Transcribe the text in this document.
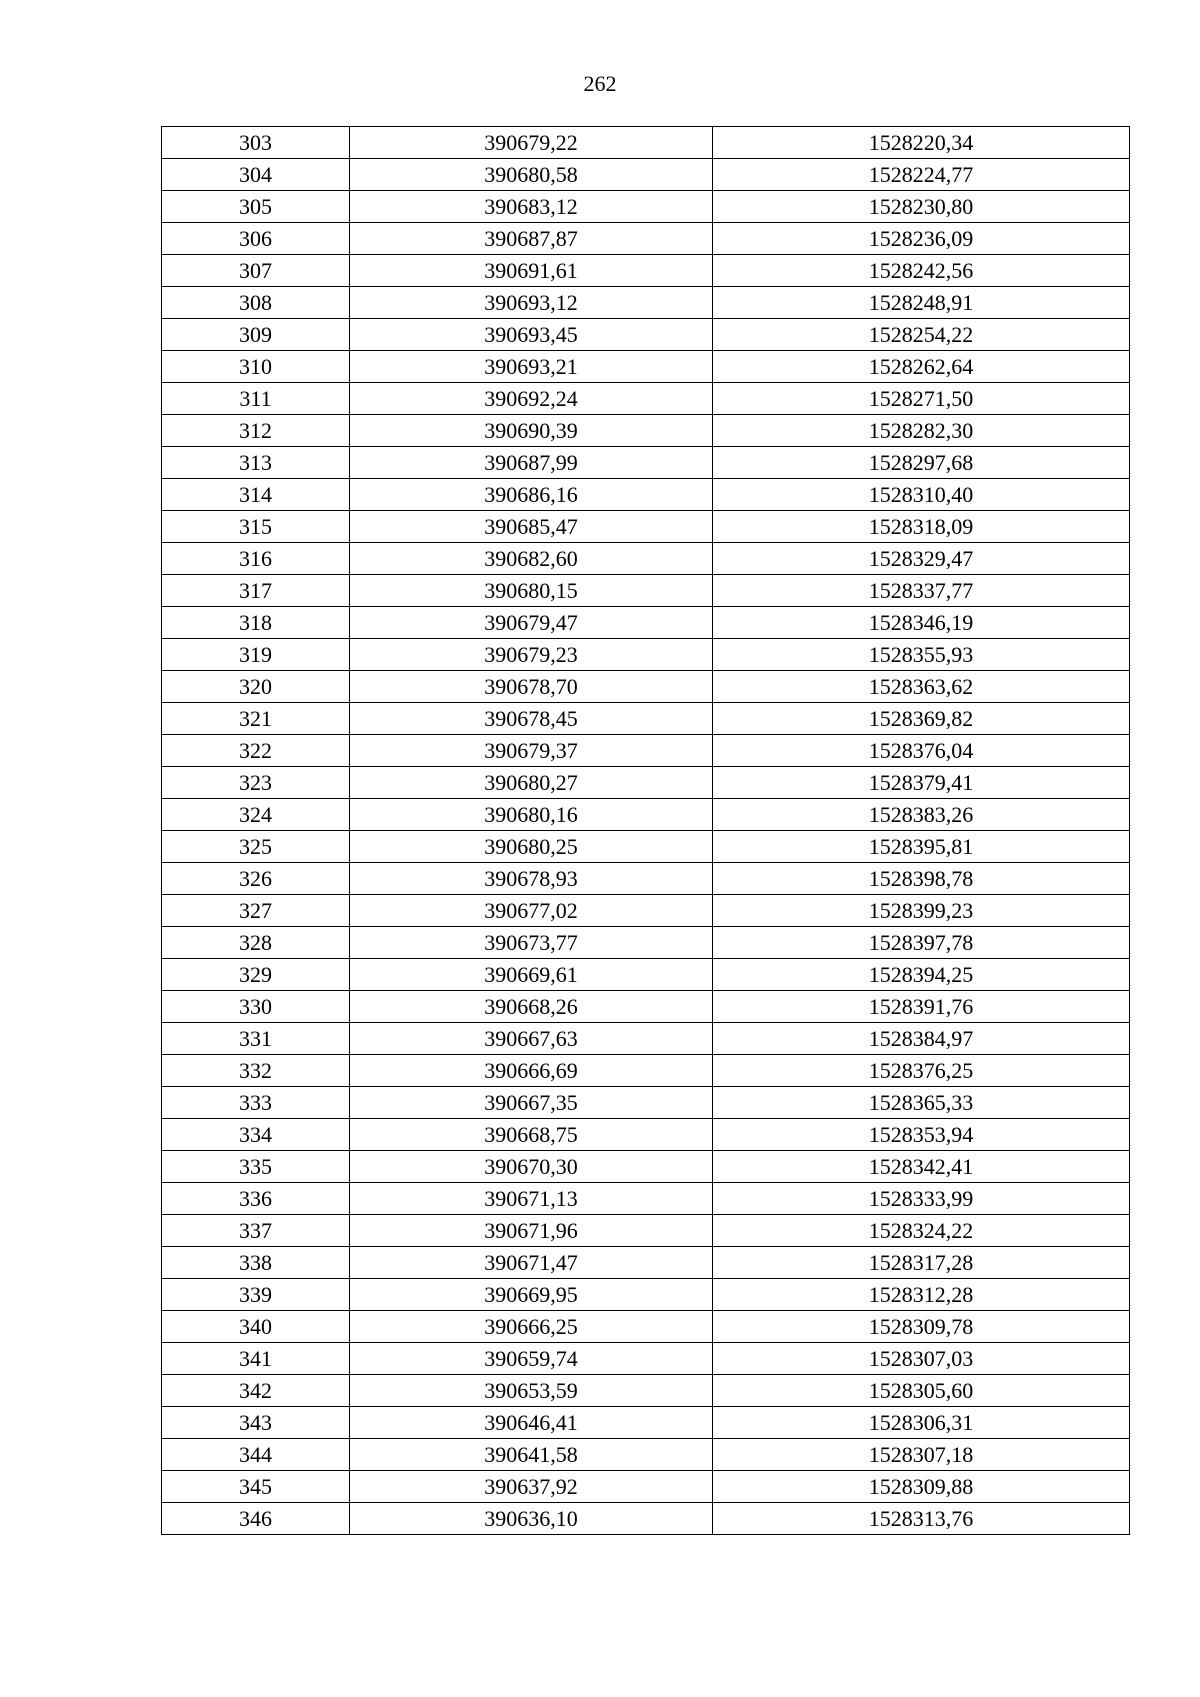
262
303	390679,22	1528220,34
304	390680,58	1528224,77
305	390683,12	1528230,80
306	390687,87	1528236,09
307	390691,61	1528242,56
308	390693,12	1528248,91
309	390693,45	1528254,22
310	390693,21	1528262,64
311	390692,24	1528271,50
312	390690,39	1528282,30
313	390687,99	1528297,68
314	390686,16	1528310,40
315	390685,47	1528318,09
316	390682,60	1528329,47
317	390680,15	1528337,77
318	390679,47	1528346,19
319	390679,23	1528355,93
320	390678,70	1528363,62
321	390678,45	1528369,82
322	390679,37	1528376,04
323	390680,27	1528379,41
324	390680,16	1528383,26
325	390680,25	1528395,81
326	390678,93	1528398,78
327	390677,02	1528399,23
328	390673,77	1528397,78
329	390669,61	1528394,25
330	390668,26	1528391,76
331	390667,63	1528384,97
332	390666,69	1528376,25
333	390667,35	1528365,33
334	390668,75	1528353,94
335	390670,30	1528342,41
336	390671,13	1528333,99
337	390671,96	1528324,22
338	390671,47	1528317,28
339	390669,95	1528312,28
340	390666,25	1528309,78
341	390659,74	1528307,03
342	390653,59	1528305,60
343	390646,41	1528306,31
344	390641,58	1528307,18
345	390637,92	1528309,88
346	390636,10	1528313,76
